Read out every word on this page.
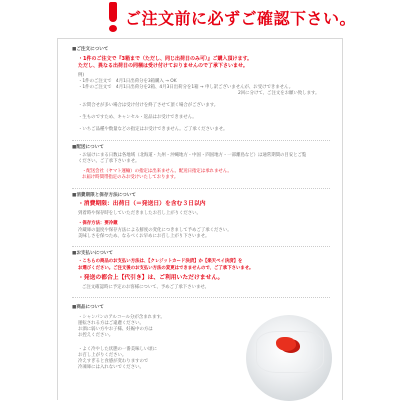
ご注文前に必ずご確認下さい。
■ご注文について
・1件のご注文で『3箱まで（ただし、同じ出荷日のみ可）』ご購入頂けます。
ただし、異なる出荷日の同梱は受け付けておりませんので了承下さいませ。
例)
・1件のご注文で　4月1日出荷分を3箱購入 → OK
・1件のご注文で　4月1日出荷分を2箱、4月3日出荷分を1箱 → 申し訳ございませんが、お受けできません。
2回に分けて、ご注文をお願い致します。
・お問合せが多い場合は受け付けを終了させて頂く場合がございます。
・生ものですため、キャンセル・返品はお受けできません。
・いちご品種や数量などの指定はお受けできません。ご了承くださいませ。
■配送について
・お届けにまる日数は各地域（北海道・九州・沖縄地方・中国・四国地方・一部離島など）は通常期間の目安とご覧
ください。ご了承下さいませ。
・配送会社（ヤマト運輸）の指定は出来ません。配送日指定は承れません。
お届け時間帯指定のみお受けいたしております。
■消費期限と保存方法について
・消費期限：出荷日（＝発送日）を含む３日以内
到着時や保存時をしていただきましたお召し上がりください。
・保存方法：要冷蔵
冷蔵庫の温度や保存方法による鮮度の変化につきまして予めご了承ください。
美味しさを保つため、なるべくお早めにお召し上がり下さいませ。
■お支払いについて
・こちらの商品のお支払い方法は、【クレジットカード決済】か【楽天ペイ決済】を
お選びください。ご注文後のお支払い方法の変更はできませんので、ご了承下さいませ。
・発送の都合上【代引き】は、ご利用いただけません。
ご注文確認時に予定のお客様について、予めご了承下さいませ。
■商品について
・シャンパンのアルコール分が含まれます。
運転される方はご遠慮ください。
お酒に弱い方やお子様、妊娠中の方は
お控えください。
・よく冷やした状態の一番美味しい頃に
お召し上がりください。
冷えすぎると食感が変わりますので
冷凍庫には入れないでください。
